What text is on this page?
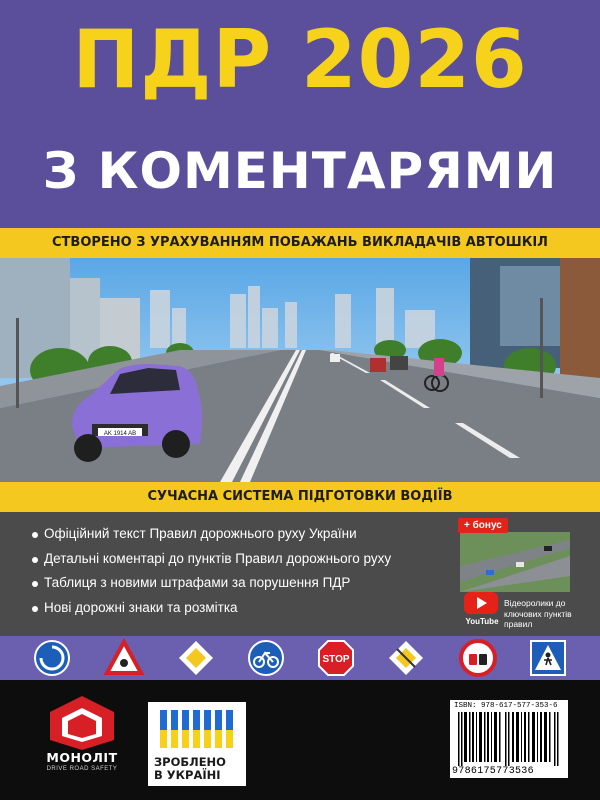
ПДР 2026
З КОМЕНТАРЯМИ
СТВОРЕНО З УРАХУВАННЯМ ПОБАЖАНЬ ВИКЛАДАЧІВ АВТОШКІЛ
AK 1914 AB
СУЧАСНА СИСТЕМА ПІДГОТОВКИ ВОДІЇВ
Офіційний текст Правил дорожнього руху України
Детальні коментарі до пунктів Правил дорожнього руху
Таблиця з новими штрафами за порушення ПДР
Нові дорожні знаки та розмітка
+ бонус
YouTube
Відеоролики до ключових пунктів правил
STOP
МОНОЛІТ
DRIVE ROAD SAFETY	ЗРОБЛЕНО
В УКРАЇНІ
ISBN: 978-617-577-353-6
9786175773536
